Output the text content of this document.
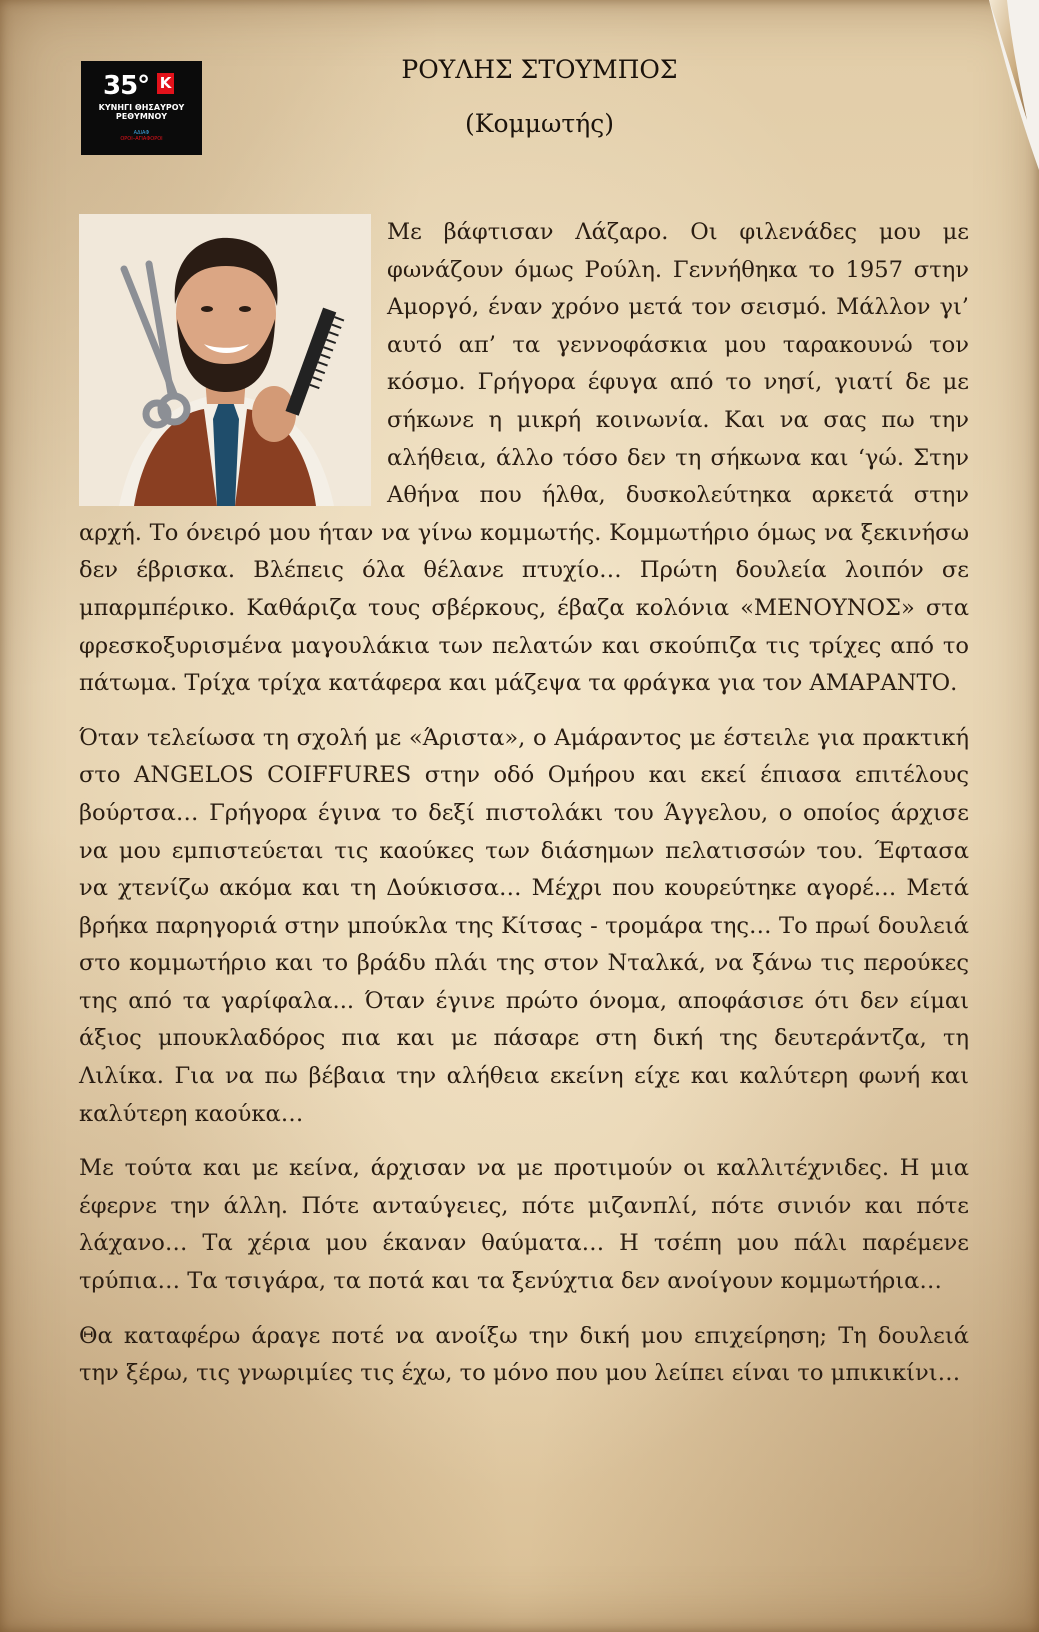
35° K
ΚΥΝΗΓΙ ΘΗΣΑΥΡΟΥ ΡΕΘΥΜΝΟΥ
ΑΔΙΑΦ
ΟΡΟΙ–ΑΓΙΑΦΟΡΟΙ
ΡΟΥΛΗΣ ΣΤΟΥΜΠΟΣ
(Κομμωτής)

Με βάφτισαν Λάζαρο. Οι φιλενάδες μου με φωνάζουν όμως Ρούλη. Γεννήθηκα το 1957 στην Αμοργό, έναν χρόνο μετά τον σεισμό. Μάλλον γι’ αυτό απ’ τα γεννοφάσκια μου ταρακουνώ τον κόσμο. Γρήγορα έφυγα από το νησί, γιατί δε με σήκωνε η μικρή κοινωνία. Και να σας πω την αλήθεια, άλλο τόσο δεν τη σήκωνα και ‘γώ. Στην Αθήνα που ήλθα, δυσκολεύτηκα αρκετά στην αρχή. Το όνειρό μου ήταν να γίνω κομμωτής. Κομμωτήριο όμως να ξεκινήσω δεν έβρισκα. Βλέπεις όλα θέλανε πτυχίο… Πρώτη δουλεία λοιπόν σε μπαρμπέρικο. Καθάριζα τους σβέρκους, έβαζα κολόνια «ΜΕΝΟΥΝΟΣ» στα φρεσκοξυρισμένα μαγουλάκια των πελατών και σκούπιζα τις τρίχες από το πάτωμα. Τρίχα τρίχα κατάφερα και μάζεψα τα φράγκα για τον ΑΜΑΡΑΝΤΟ.

Όταν τελείωσα τη σχολή με «Άριστα», ο Αμάραντος με έστειλε για πρακτική στο ANGELOS COIFFURES στην οδό Ομήρου και εκεί έπιασα επιτέλους βούρτσα… Γρήγορα έγινα το δεξί πιστολάκι του Άγγελου, ο οποίος άρχισε να μου εμπιστεύεται τις καούκες των διάσημων πελατισσών του. Έφτασα να χτενίζω ακόμα και τη Δούκισσα… Μέχρι που κουρεύτηκε αγορέ… Μετά βρήκα παρηγοριά στην μπούκλα της Κίτσας - τρομάρα της… Το πρωί δουλειά στο κομμωτήριο και το βράδυ πλάι της στον Νταλκά, να ξάνω τις περούκες της από τα γαρίφαλα... Όταν έγινε πρώτο όνομα, αποφάσισε ότι δεν είμαι άξιος μπουκλαδόρος πια και με πάσαρε στη δική της δευτεράντζα, τη Λιλίκα. Για να πω βέβαια την αλήθεια εκείνη είχε και καλύτερη φωνή και καλύτερη καούκα…

Με τούτα και με κείνα, άρχισαν να με προτιμούν οι καλλιτέχνιδες. Η μια έφερνε την άλλη. Πότε ανταύγειες, πότε μιζανπλί, πότε σινιόν και πότε λάχανο… Τα χέρια μου έκαναν θαύματα… Η τσέπη μου πάλι παρέμενε τρύπια… Τα τσιγάρα, τα ποτά και τα ξενύχτια δεν ανοίγουν κομμωτήρια…

Θα καταφέρω άραγε ποτέ να ανοίξω την δική μου επιχείρηση; Τη δουλειά την ξέρω, τις γνωριμίες τις έχω, το μόνο που μου λείπει είναι το μπικικίνι…
